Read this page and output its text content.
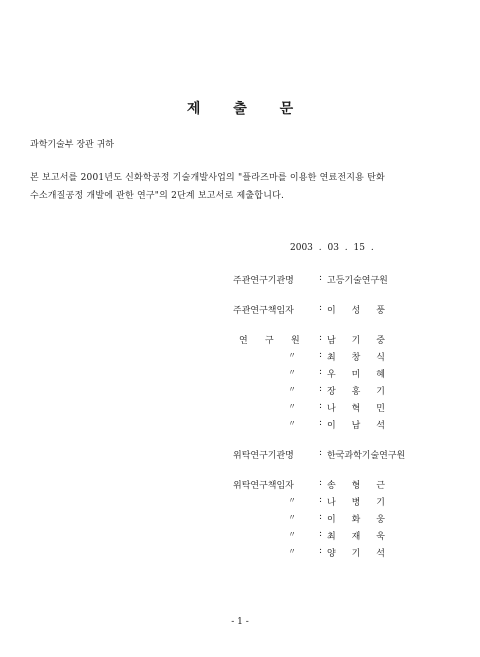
제 출 문
과학기술부 장관 귀하
본 보고서를 2001년도 신화학공정 기술개발사업의 "플라즈마를 이용한 연료전지용 탄화
수소개질공정 개발에 관한 연구"의 2단계 보고서로 제출합니다.
2003 . 03 . 15 .
주관연구기관명	: 고등기술연구원
주관연구책임자	: 이 성 풍
연 구 원 : 남 기 중
〃	: 최 창 식
〃	: 우 미 혜
〃	: 장 홍 기
〃	: 나 혁 민
〃	: 이 남 석
위탁연구기관명	: 한국과학기술연구원
위탁연구책임자	: 송 형 근
〃	: 나 병 기
〃	: 이 화 웅
〃	: 최 재 욱
〃	: 양 기 석
- 1 -
